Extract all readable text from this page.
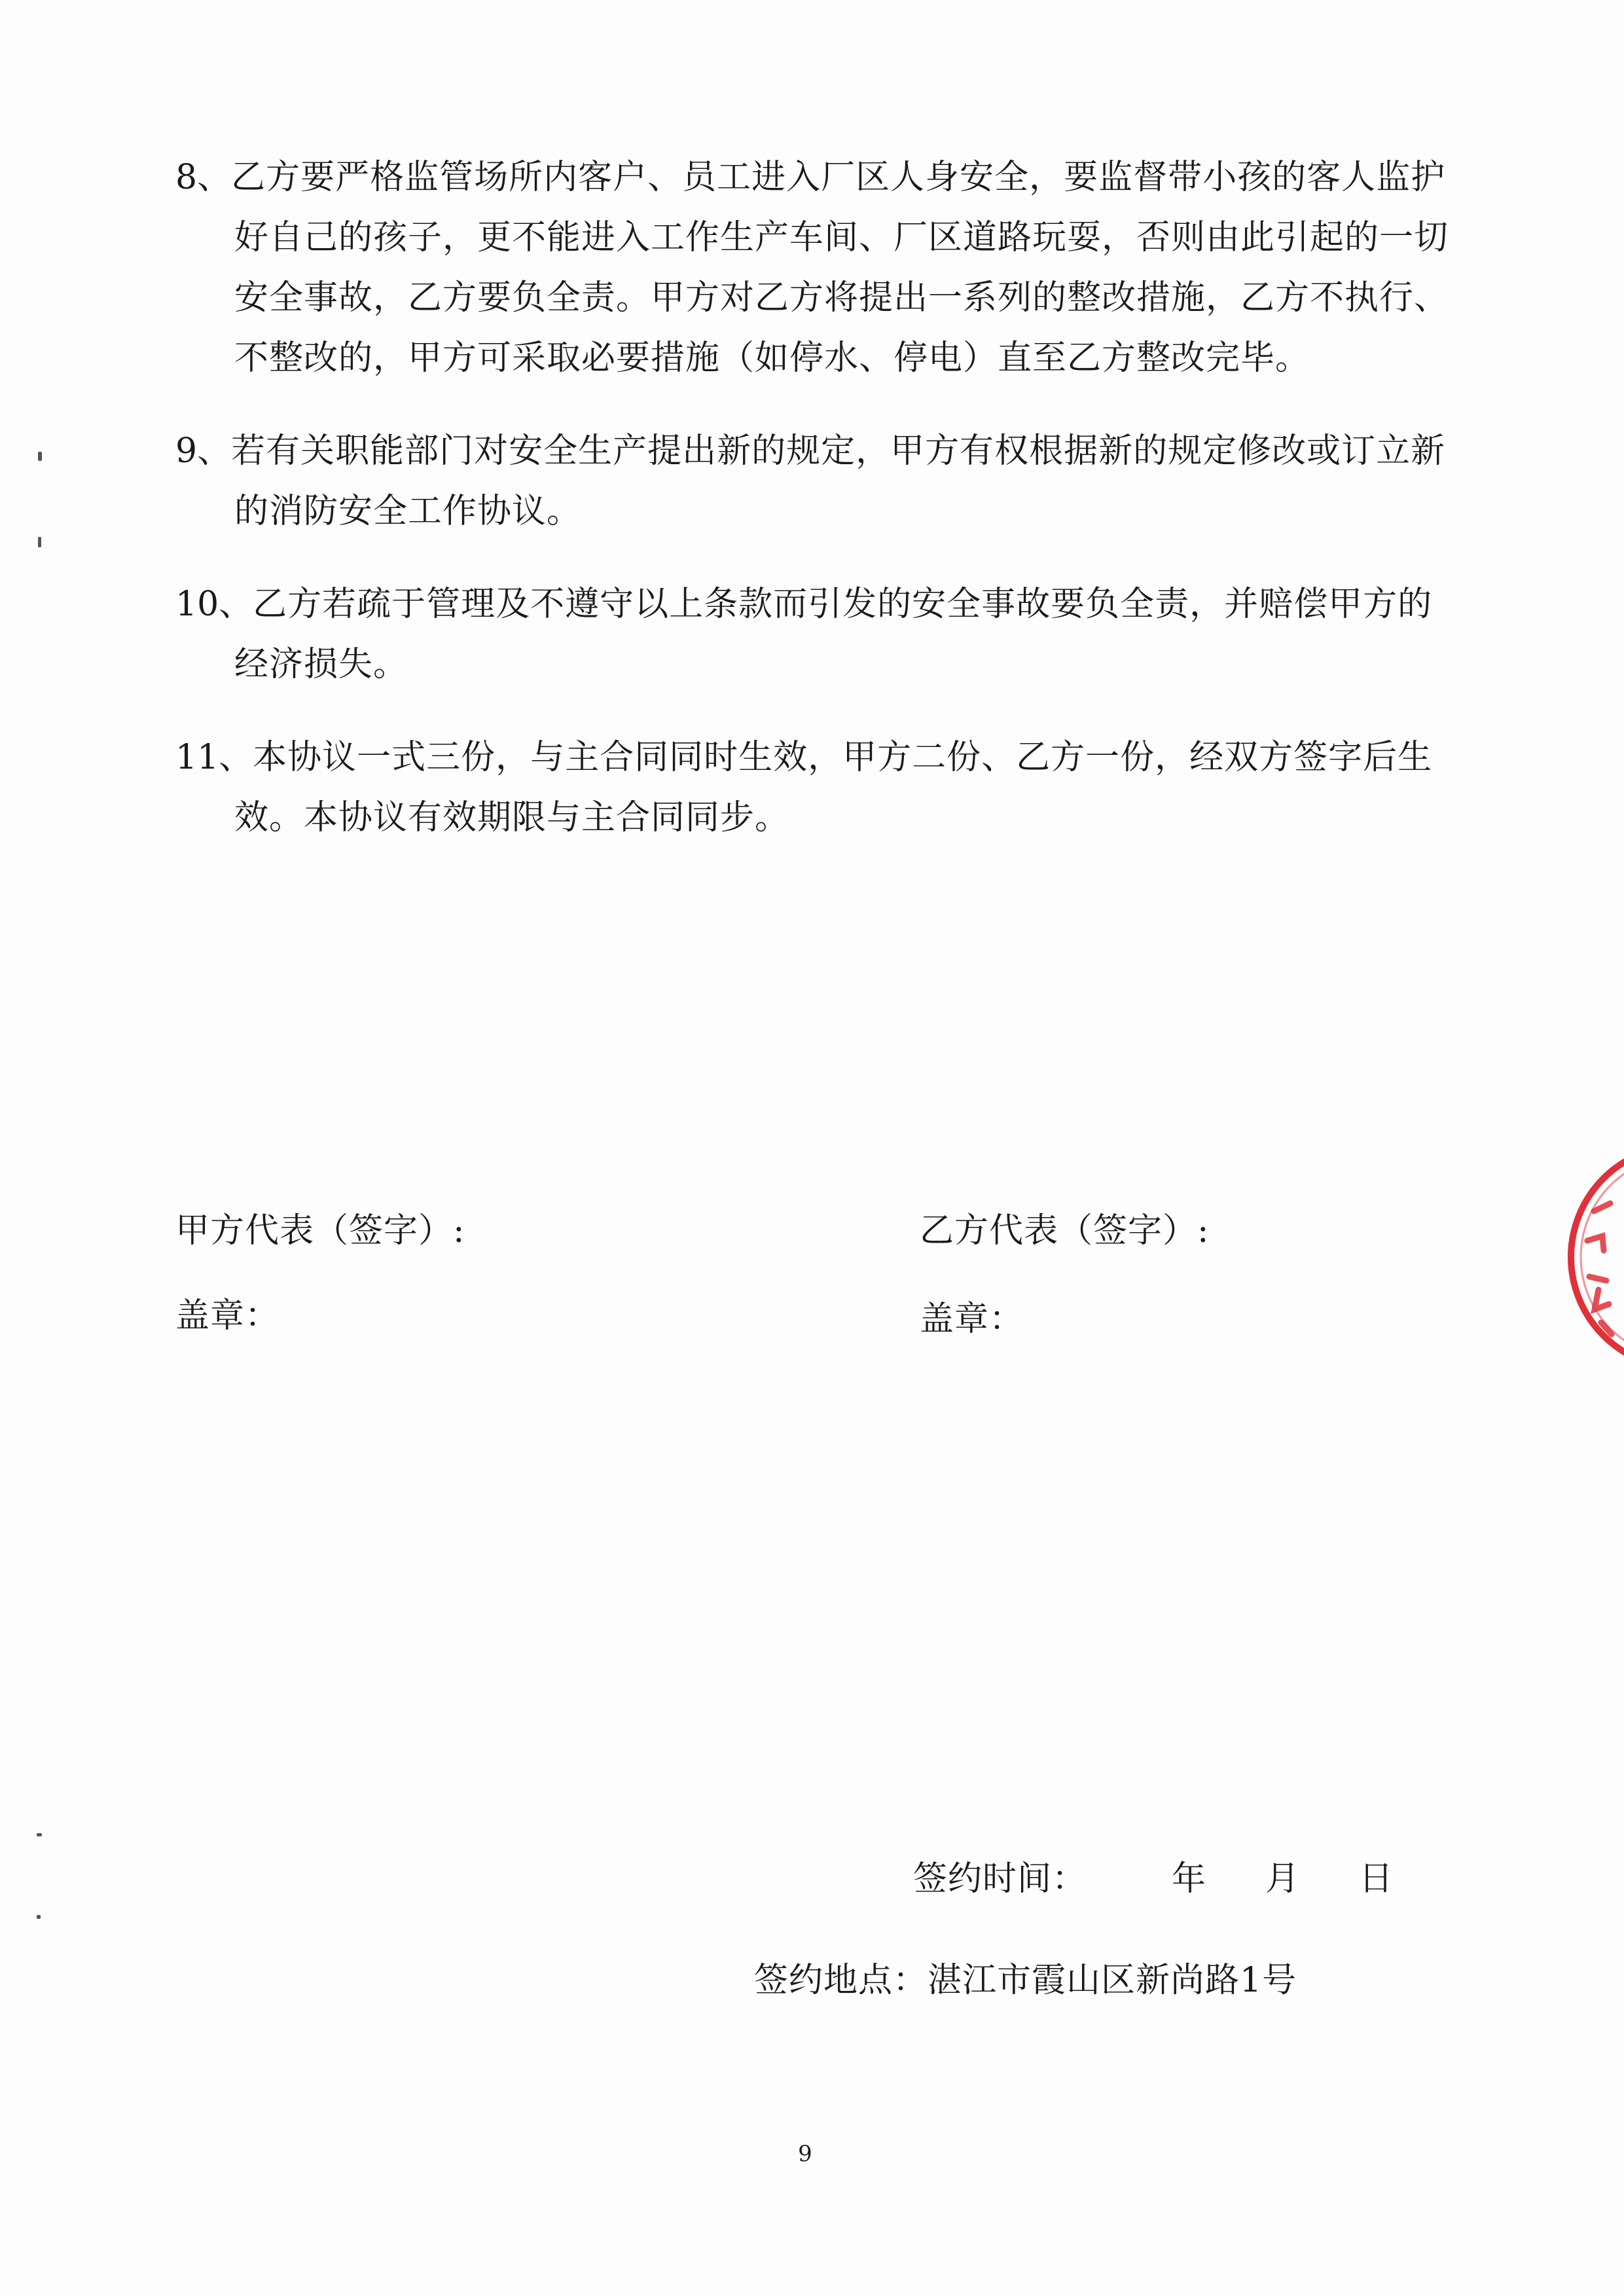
8、乙方要严格监管场所内客户、员工进入厂区人身安全，要监督带小孩的客人监护好自己的孩子，更不能进入工作生产车间、厂区道路玩耍，否则由此引起的一切安全事故，乙方要负全责。甲方对乙方将提出一系列的整改措施，乙方不执行、不整改的，甲方可采取必要措施（如停水、停电）直至乙方整改完毕。
9、若有关职能部门对安全生产提出新的规定，甲方有权根据新的规定修改或订立新的消防安全工作协议。
10、乙方若疏于管理及不遵守以上条款而引发的安全事故要负全责，并赔偿甲方的经济损失。
11、本协议一式三份，与主合同同时生效，甲方二份、乙方一份，经双方签字后生效。本协议有效期限与主合同同步。
甲方代表（签字）:
盖章：
乙方代表（签字）:
盖章：
签约时间：	年 月 日
签约地点：湛江市霞山区新尚路1号
9
